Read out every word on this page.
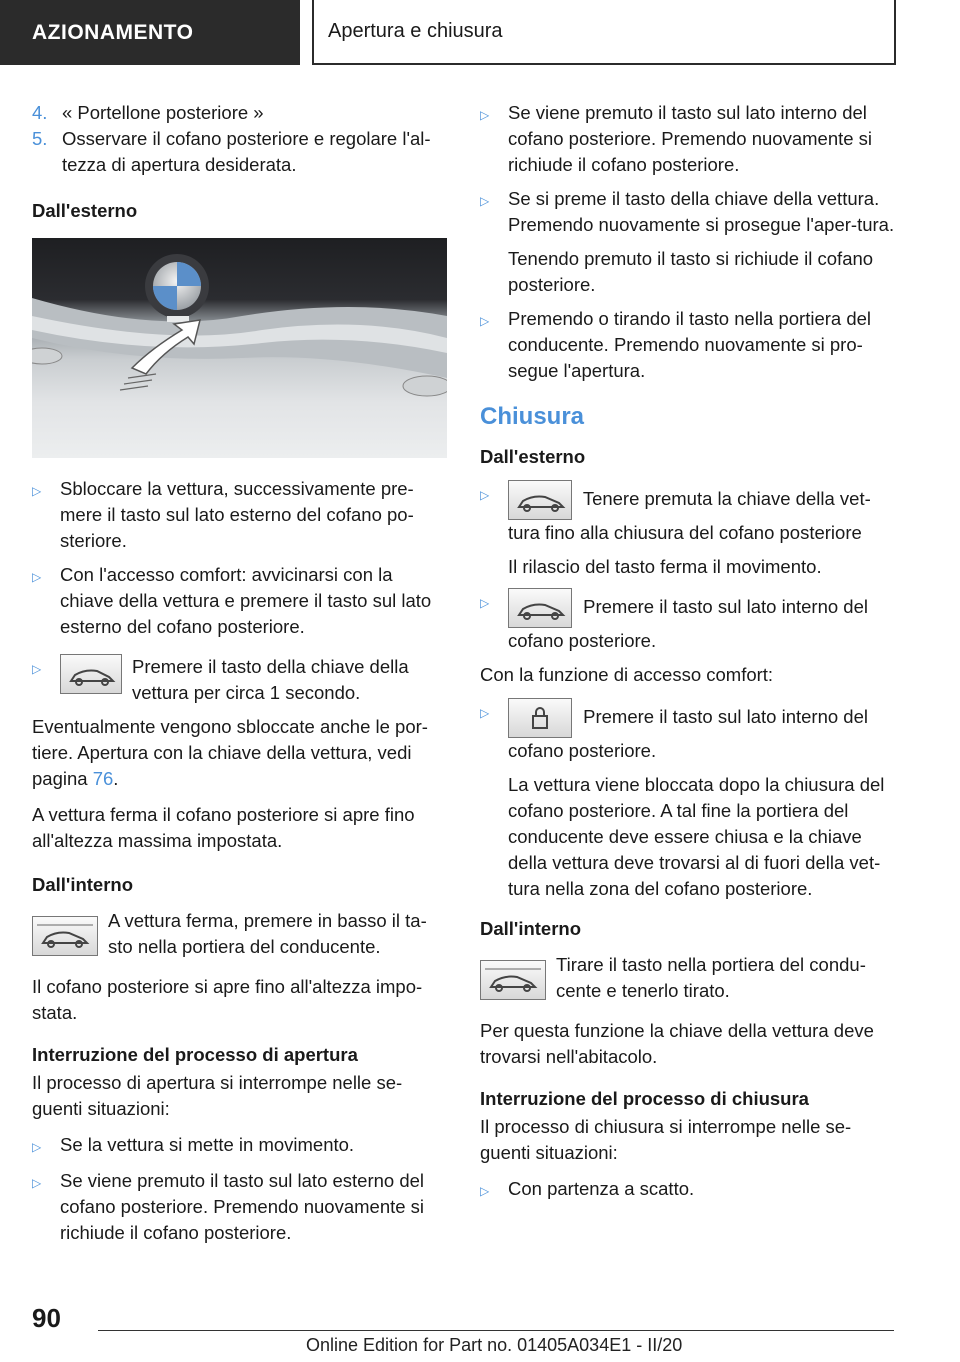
AZIONAMENTO	Apertura e chiusura
4. « Portellone posteriore »
5. Osservare il cofano posteriore e regolare l'al-tezza di apertura desiderata.
Dall'esterno
▷	Sbloccare la vettura, successivamente pre-mere il tasto sul lato esterno del cofano po-steriore.
▷	Con l'accesso comfort: avvicinarsi con la chiave della vettura e premere il tasto sul lato esterno del cofano posteriore.
▷	Premere il tasto della chiave della vettura per circa 1 secondo.

Eventualmente vengono sbloccate anche le por-tiere. Apertura con la chiave della vettura, vedi pagina 76.

A vettura ferma il cofano posteriore si apre fino all'altezza massima impostata.

Dall'interno
A vettura ferma, premere in basso il ta-sto nella portiera del conducente.

Il cofano posteriore si apre fino all'altezza impo-stata.

Interruzione del processo di apertura

Il processo di apertura si interrompe nelle se-guenti situazioni:

▷	Se la vettura si mette in movimento.
▷	Se viene premuto il tasto sul lato esterno del cofano posteriore. Premendo nuovamente si richiude il cofano posteriore.
▷	Se viene premuto il tasto sul lato interno del cofano posteriore. Premendo nuovamente si richiude il cofano posteriore.
▷	Se si preme il tasto della chiave della vettura. Premendo nuovamente si prosegue l'aper-tura.
Tenendo premuto il tasto si richiude il cofano posteriore.
▷	Premendo o tirando il tasto nella portiera del conducente. Premendo nuovamente si pro-segue l'apertura.
Chiusura
Dall'esterno
▷	Tenere premuta la chiave della vet-tura fino alla chiusura del cofano posteriore
Il rilascio del tasto ferma il movimento.
▷	Premere il tasto sul lato interno del cofano posteriore.

Con la funzione di accesso comfort:

▷	Premere il tasto sul lato interno del cofano posteriore.
La vettura viene bloccata dopo la chiusura del cofano posteriore. A tal fine la portiera del conducente deve essere chiusa e la chiave della vettura deve trovarsi al di fuori della vet-tura nella zona del cofano posteriore.
Dall'interno
Tirare il tasto nella portiera del condu-cente e tenerlo tirato.

Per questa funzione la chiave della vettura deve trovarsi nell'abitacolo.

Interruzione del processo di chiusura

Il processo di chiusura si interrompe nelle se-guenti situazioni:

▷	Con partenza a scatto.
90
Online Edition for Part no. 01405A034E1 - II/20
